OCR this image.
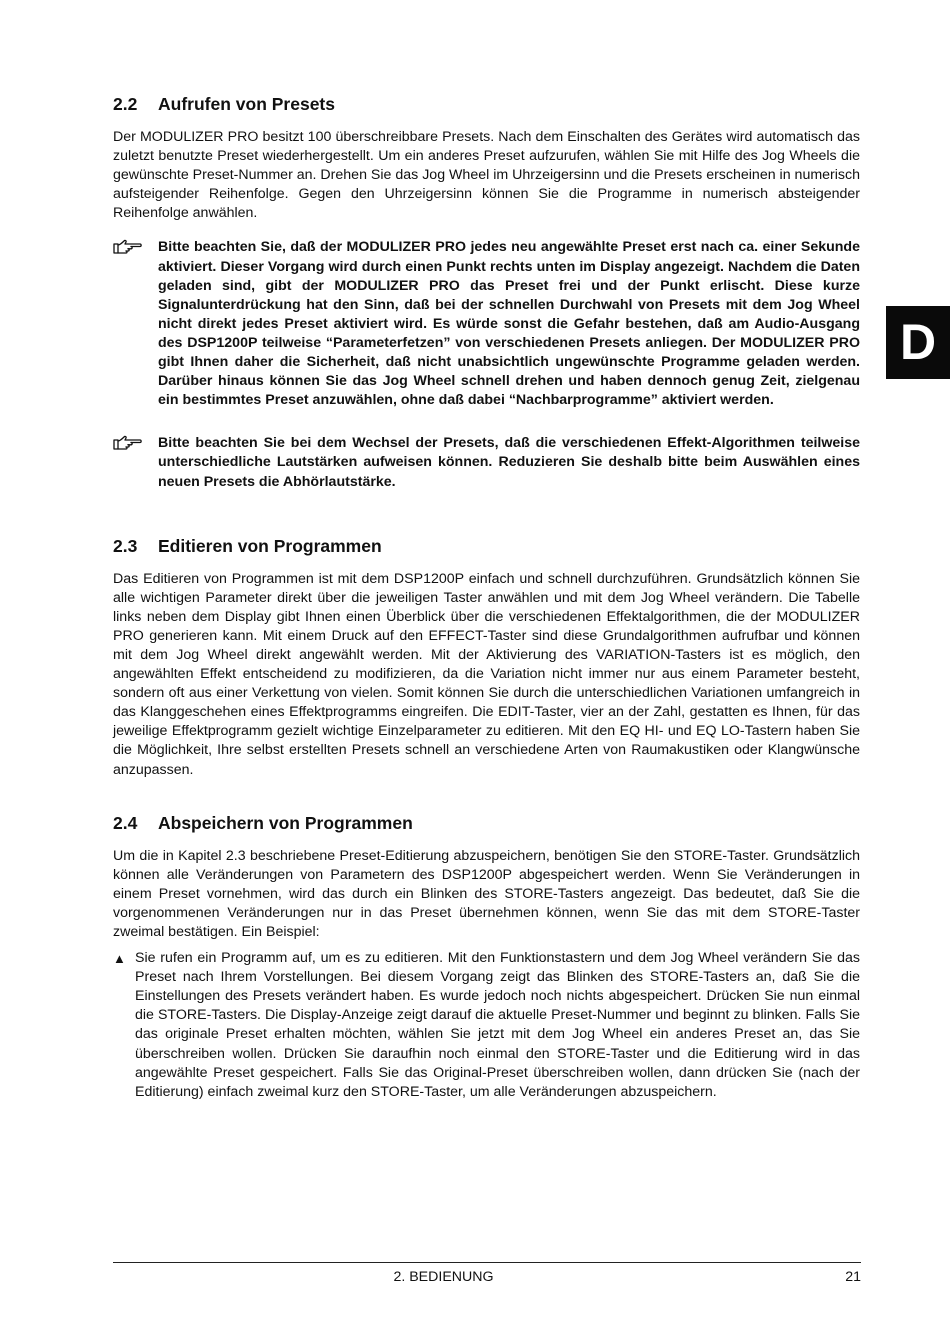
D
2.2	Aufrufen von Presets

Der MODULIZER PRO besitzt 100 überschreibbare Presets. Nach dem Einschalten des Gerätes wird automatisch das zuletzt benutzte Preset wiederhergestellt. Um ein anderes Preset aufzurufen, wählen Sie mit Hilfe des Jog Wheels die gewünschte Preset-Nummer an. Drehen Sie das Jog Wheel im Uhrzeigersinn und die Presets erscheinen in numerisch aufsteigender Reihenfolge. Gegen den Uhrzeigersinn können Sie die Programme in numerisch absteigender Reihenfolge anwählen.

Bitte beachten Sie, daß der MODULIZER PRO jedes neu angewählte Preset erst nach ca. einer Sekunde aktiviert. Dieser Vorgang wird durch einen Punkt rechts unten im Display angezeigt. Nachdem die Daten geladen sind, gibt der MODULIZER PRO das Preset frei und der Punkt erlischt. Diese kurze Signalunterdrückung hat den Sinn, daß bei der schnellen Durchwahl von Presets mit dem Jog Wheel nicht direkt jedes Preset aktiviert wird. Es würde sonst die Gefahr bestehen, daß am Audio-Ausgang des DSP1200P teilweise “Parameterfetzen” von verschiedenen Presets anliegen. Der MODULIZER PRO gibt Ihnen daher die Sicherheit, daß nicht unabsichtlich ungewünschte Programme geladen werden. Darüber hinaus können Sie das Jog Wheel schnell drehen und haben dennoch genug Zeit, zielgenau ein bestimmtes Preset anzuwählen, ohne daß dabei “Nachbarprogramme” aktiviert werden.

Bitte beachten Sie bei dem Wechsel der Presets, daß die verschiedenen Effekt-Algorithmen teilweise unterschiedliche Lautstärken aufweisen können. Reduzieren Sie deshalb bitte beim Auswählen eines neuen Presets die Abhörlautstärke.

2.3	Editieren von Programmen

Das Editieren von Programmen ist mit dem DSP1200P einfach und schnell durchzuführen. Grundsätzlich können Sie alle wichtigen Parameter direkt über die jeweiligen Taster anwählen und mit dem Jog Wheel verändern. Die Tabelle links neben dem Display gibt Ihnen einen Überblick über die verschiedenen Effektalgorithmen, die der MODULIZER PRO generieren kann. Mit einem Druck auf den EFFECT-Taster sind diese Grundalgorithmen aufrufbar und können mit dem Jog Wheel direkt angewählt werden. Mit der Aktivierung des VARIATION-Tasters ist es möglich, den angewählten Effekt entscheidend zu modifizieren, da die Variation nicht immer nur aus einem Parameter besteht, sondern oft aus einer Verkettung von vielen. Somit können Sie durch die unterschiedlichen Variationen umfangreich in das Klanggeschehen eines Effektprogramms eingreifen. Die EDIT-Taster, vier an der Zahl, gestatten es Ihnen, für das jeweilige Effektprogramm gezielt wichtige Einzelparameter zu editieren. Mit den EQ HI- und EQ LO-Tastern haben Sie die Möglichkeit, Ihre selbst erstellten Presets schnell an verschiedene Arten von Raumakustiken oder Klangwünsche anzupassen.

2.4	Abspeichern von Programmen

Um die in Kapitel 2.3 beschriebene Preset-Editierung abzuspeichern, benötigen Sie den STORE-Taster. Grundsätzlich können alle Veränderungen von Parametern des DSP1200P abgespeichert werden. Wenn Sie Veränderungen in einem Preset vornehmen, wird das durch ein Blinken des STORE-Tasters angezeigt. Das bedeutet, daß Sie die vorgenommenen Veränderungen nur in das Preset übernehmen können, wenn Sie das mit dem STORE-Taster zweimal bestätigen. Ein Beispiel:

▲ Sie rufen ein Programm auf, um es zu editieren. Mit den Funktionstastern und dem Jog Wheel verändern Sie das Preset nach Ihrem Vorstellungen. Bei diesem Vorgang zeigt das Blinken des STORE-Tasters an, daß Sie die Einstellungen des Presets verändert haben. Es wurde jedoch noch nichts abgespeichert. Drücken Sie nun einmal die STORE-Tasters. Die Display-Anzeige zeigt darauf die aktuelle Preset-Nummer und beginnt zu blinken. Falls Sie das originale Preset erhalten möchten, wählen Sie jetzt mit dem Jog Wheel ein anderes Preset an, das Sie überschreiben wollen. Drücken Sie daraufhin noch einmal den STORE-Taster und die Editierung wird in das angewählte Preset gespeichert. Falls Sie das Original-Preset überschreiben wollen, dann drücken Sie (nach der Editierung) einfach zweimal kurz den STORE-Taster, um alle Veränderungen abzuspeichern.

2. BEDIENUNG	21
